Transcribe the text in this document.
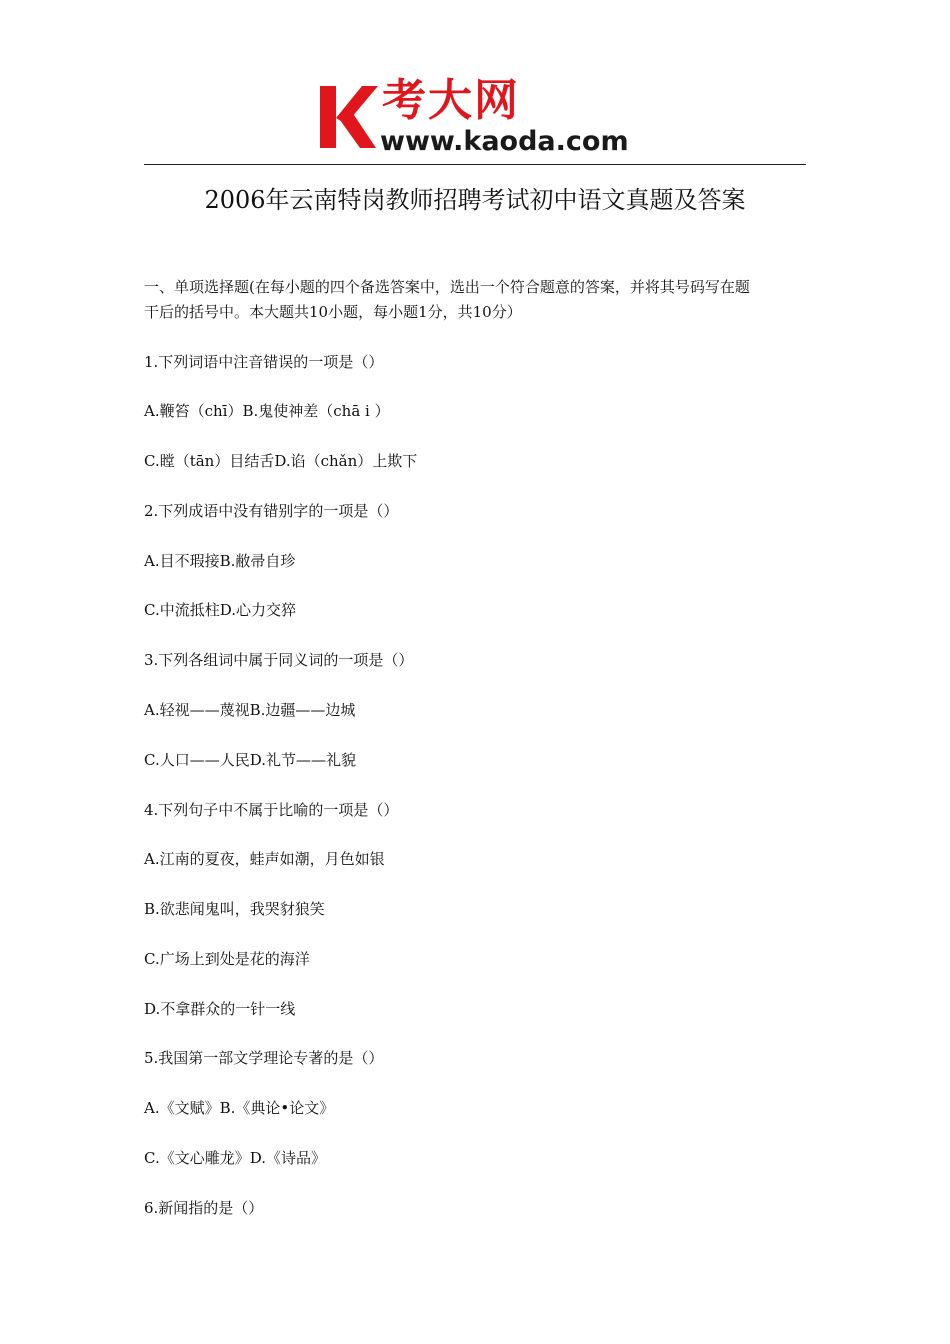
考大网
www.kaoda.com
2006年云南特岗教师招聘考试初中语文真题及答案
一、单项选择题(在每小题的四个备选答案中，选出一个符合题意的答案，并将其号码写在题
干后的括号中。本大题共10小题，每小题1分，共10分）
1.下列词语中注音错误的一项是（）
A.鞭笞（chī）B.鬼使神差（chā i ）
C.瞠（tān）目结舌D.谄（chǎn）上欺下
2.下列成语中没有错别字的一项是（）
A.目不瑕接B.敝帚自珍
C.中流抵柱D.心力交猝
3.下列各组词中属于同义词的一项是（）
A.轻视——蔑视B.边疆——边城
C.人口——人民D.礼节——礼貌
4.下列句子中不属于比喻的一项是（）
A.江南的夏夜，蛙声如潮，月色如银
B.欲悲闻鬼叫，我哭豺狼笑
C.广场上到处是花的海洋
D.不拿群众的一针一线
5.我国第一部文学理论专著的是（）
A.《文赋》B.《典论•论文》
C.《文心雕龙》D.《诗品》
6.新闻指的是（）
